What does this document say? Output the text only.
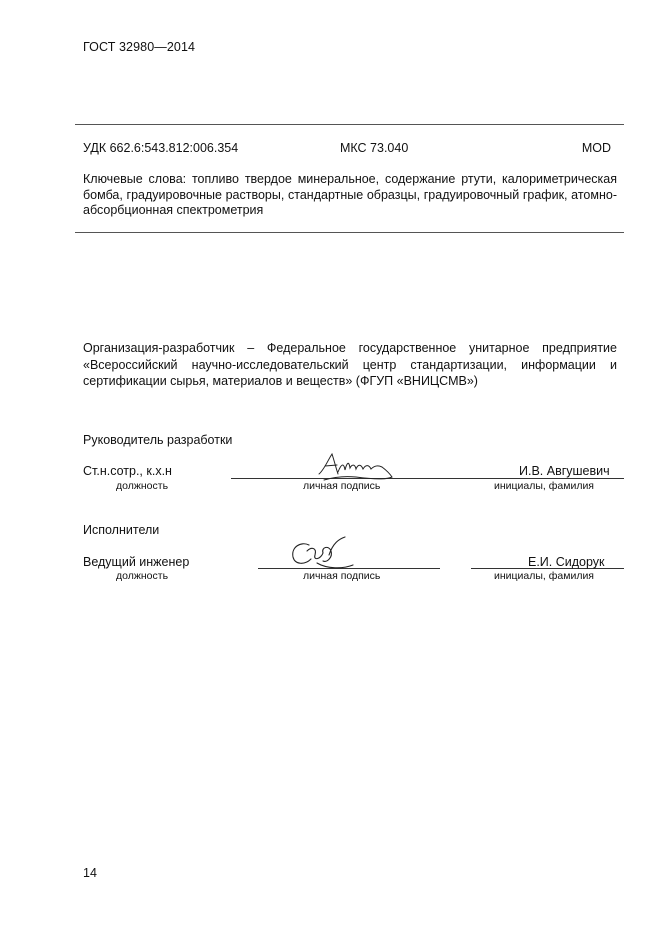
ГОСТ 32980—2014
УДК 662.6:543.812:006.354	МКС 73.040	MOD
Ключевые слова: топливо твердое минеральное, содержание ртути, калориметрическая бомба, градуировочные растворы, стандартные образцы, градуировочный график, атомно-абсорбционная спектрометрия
Организация-разработчик – Федеральное государственное унитарное предприятие «Всероссийский научно-исследовательский центр стандартизации, информации и сертификации сырья, материалов и веществ» (ФГУП «ВНИЦСМВ»)
Руководитель разработки
Ст.н.сотр., к.х.н	И.В. Авгушевич
должность	личная подпись	инициалы, фамилия
Исполнители
Ведущий инженер	Е.И. Сидорук
должность	личная подпись	инициалы, фамилия
14
